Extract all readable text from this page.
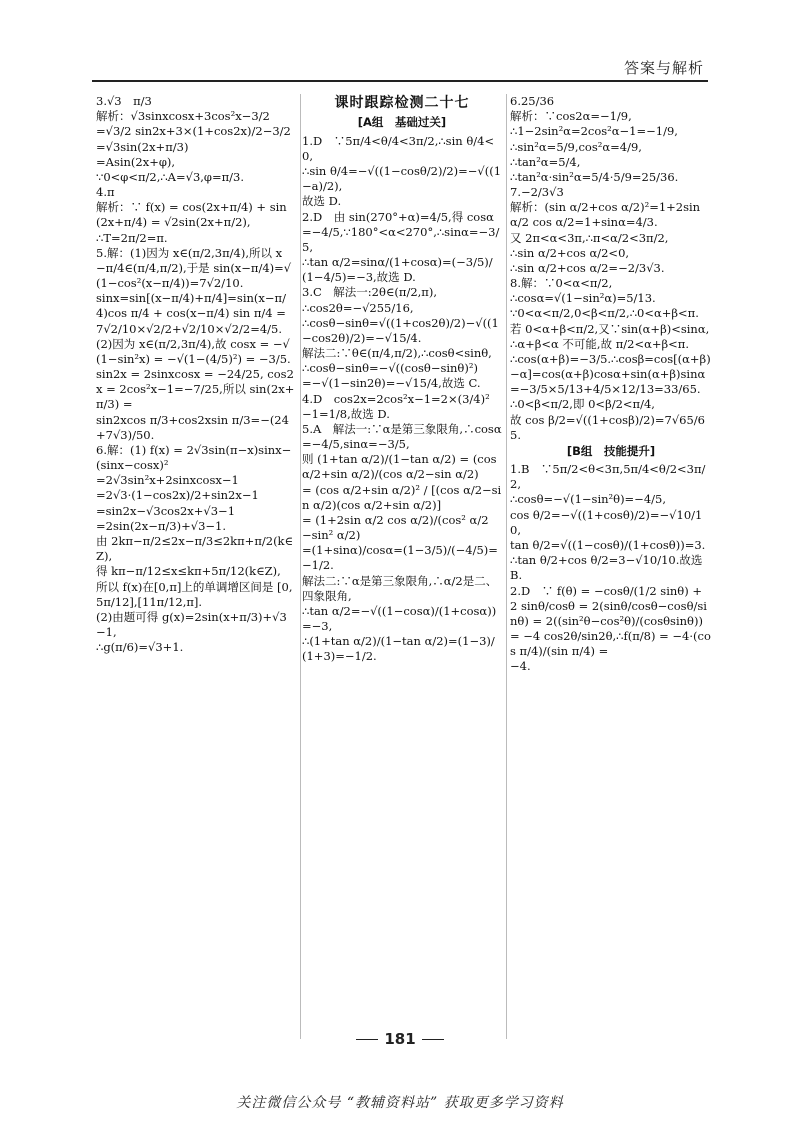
答案与解析

3.√3　π/3

解析：√3sinxcosx+3cos²x−3/2

=√3/2 sin2x+3×(1+cos2x)/2−3/2

=√3sin(2x+π/3)

=Asin(2x+φ),

∵0<φ<π/2,∴A=√3,φ=π/3.

4.π

解析：∵ f(x) = cos(2x+π/4) + sin(2x+π/4) = √2sin(2x+π/2),

∴T=2π/2=π.

5.解：(1)因为 x∈(π/2,3π/4),所以 x−π/4∈(π/4,π/2),于是 sin(x−π/4)=√(1−cos²(x−π/4))=7√2/10.

sinx=sin[(x−π/4)+π/4]=sin(x−π/4)cos π/4 + cos(x−π/4) sin π/4 = 7√2/10×√2/2+√2/10×√2/2=4/5.

(2)因为 x∈(π/2,3π/4),故 cosx = −√(1−sin²x) = −√(1−(4/5)²) = −3/5.

sin2x = 2sinxcosx = −24/25, cos2x = 2cos²x−1=−7/25,所以 sin(2x+π/3) =

sin2xcos π/3+cos2xsin π/3=−(24+7√3)/50.

6.解：(1) f(x) = 2√3sin(π−x)sinx−(sinx−cosx)²

=2√3sin²x+2sinxcosx−1

=2√3·(1−cos2x)/2+sin2x−1

=sin2x−√3cos2x+√3−1

=2sin(2x−π/3)+√3−1.

由 2kπ−π/2≤2x−π/3≤2kπ+π/2(k∈Z),

得 kπ−π/12≤x≤kπ+5π/12(k∈Z),

所以 f(x)在[0,π]上的单调增区间是 [0,5π/12],[11π/12,π].

(2)由题可得 g(x)=2sin(x+π/3)+√3−1,

∴g(π/6)=√3+1.

课时跟踪检测二十七

[A组　基础过关]

1.D　∵5π/4<θ/4<3π/2,∴sin θ/4<0,

∴sin θ/4=−√((1−cosθ/2)/2)=−√((1−a)/2),

故选 D.

2.D　由 sin(270°+α)=4/5,得 cosα=−4/5,∵180°<α<270°,∴sinα=−3/5,

∴tan α/2=sinα/(1+cosα)=(−3/5)/(1−4/5)=−3,故选 D.

3.C　解法一:2θ∈(π/2,π),

∴cos2θ=−√255/16,

∴cosθ−sinθ=√((1+cos2θ)/2)−√((1−cos2θ)/2)=−√15/4.

解法二:∵θ∈(π/4,π/2),∴cosθ<sinθ,

∴cosθ−sinθ=−√((cosθ−sinθ)²)

=−√(1−sin2θ)=−√15/4,故选 C.

4.D　cos2x=2cos²x−1=2×(3/4)²−1=1/8,故选 D.

5.A　解法一:∵α是第三象限角,∴cosα=−4/5,sinα=−3/5,

则 (1+tan α/2)/(1−tan α/2) = (cos α/2+sin α/2)/(cos α/2−sin α/2)

= (cos α/2+sin α/2)² / [(cos α/2−sin α/2)(cos α/2+sin α/2)]

= (1+2sin α/2 cos α/2)/(cos² α/2−sin² α/2)

=(1+sinα)/cosα=(1−3/5)/(−4/5)=−1/2.

解法二:∵α是第三象限角,∴α/2是二、四象限角,

∴tan α/2=−√((1−cosα)/(1+cosα))=−3,

∴(1+tan α/2)/(1−tan α/2)=(1−3)/(1+3)=−1/2.

6.25/36

解析：∵cos2α=−1/9,

∴1−2sin²α=2cos²α−1=−1/9,

∴sin²α=5/9,cos²α=4/9,

∴tan²α=5/4,

∴tan²α·sin²α=5/4·5/9=25/36.

7.−2/3√3

解析：(sin α/2+cos α/2)²=1+2sin α/2 cos α/2=1+sinα=4/3.

又 2π<α<3π,∴π<α/2<3π/2,

∴sin α/2+cos α/2<0,

∴sin α/2+cos α/2=−2/3√3.

8.解：∵0<α<π/2,

∴cosα=√(1−sin²α)=5/13.

∵0<α<π/2,0<β<π/2,∴0<α+β<π.

若 0<α+β<π/2,又∵sin(α+β)<sinα,

∴α+β<α 不可能,故 π/2<α+β<π.

∴cos(α+β)=−3/5.∴cosβ=cos[(α+β)−α]=cos(α+β)cosα+sin(α+β)sinα=−3/5×5/13+4/5×12/13=33/65.

∴0<β<π/2,即 0<β/2<π/4,

故 cos β/2=√((1+cosβ)/2)=7√65/65.

[B组　技能提升]

1.B　∵5π/2<θ<3π,5π/4<θ/2<3π/2,

∴cosθ=−√(1−sin²θ)=−4/5,

cos θ/2=−√((1+cosθ)/2)=−√10/10,

tan θ/2=√((1−cosθ)/(1+cosθ))=3.

∴tan θ/2+cos θ/2=3−√10/10.故选 B.

2.D　∵ f(θ) = −cosθ/(1/2 sinθ) + 2 sinθ/cosθ = 2(sinθ/cosθ−cosθ/sinθ) = 2((sin²θ−cos²θ)/(cosθsinθ)) = −4 cos2θ/sin2θ,∴f(π/8) = −4·(cos π/4)/(sin π/4) =

−4.

181
关注微信公众号 “教辅资料站” 获取更多学习资料
